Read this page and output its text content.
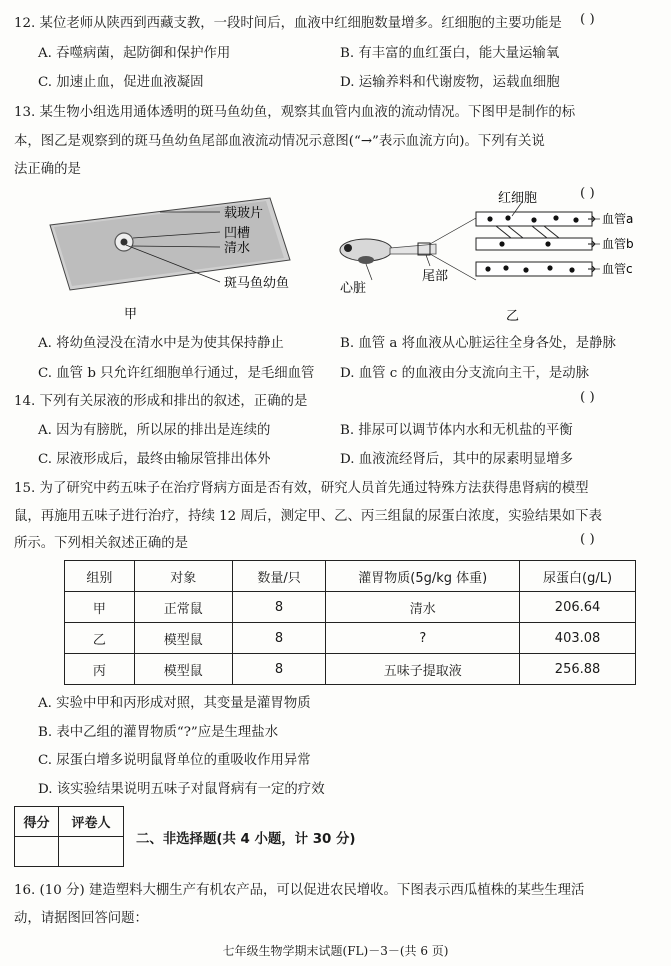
12. 某位老师从陕西到西藏支教，一段时间后，血液中红细胞数量增多。红细胞的主要功能是 ( )
A. 吞噬病菌，起防御和保护作用	B. 有丰富的血红蛋白，能大量运输氧
C. 加速止血，促进血液凝固	D. 运输养料和代谢废物，运载血细胞
13. 某生物小组选用通体透明的斑马鱼幼鱼，观察其血管内血液的流动情况。下图甲是制作的标
本，图乙是观察到的斑马鱼幼鱼尾部血液流动情况示意图(“→”表示血流方向)。下列有关说
法正确的是
( )
载玻片
凹槽
清水
斑马鱼幼鱼
甲
心脏
尾部
红细胞
血管a
血管b
血管c
乙
A. 将幼鱼浸没在清水中是为使其保持静止	B. 血管 a 将血液从心脏运往全身各处，是静脉
C. 血管 b 只允许红细胞单行通过，是毛细血管 D. 血管 c 的血液由分支流向主干，是动脉
14. 下列有关尿液的形成和排出的叙述，正确的是	( )
A. 因为有膀胱，所以尿的排出是连续的	B. 排尿可以调节体内水和无机盐的平衡
C. 尿液形成后，最终由输尿管排出体外	D. 血液流经肾后，其中的尿素明显增多
15. 为了研究中药五味子在治疗肾病方面是否有效，研究人员首先通过特殊方法获得患肾病的模型
鼠，再施用五味子进行治疗，持续 12 周后，测定甲、乙、丙三组鼠的尿蛋白浓度，实验结果如下表
所示。下列相关叙述正确的是	( )
组别	对象	数量/只	灌胃物质(5g/kg 体重)	尿蛋白(g/L)
甲	正常鼠	8	清水	206.64
乙	模型鼠	8	?	403.08
丙	模型鼠	8	五味子提取液	256.88
A. 实验中甲和丙形成对照，其变量是灌胃物质
B. 表中乙组的灌胃物质“?”应是生理盐水
C. 尿蛋白增多说明鼠肾单位的重吸收作用异常
D. 该实验结果说明五味子对鼠肾病有一定的疗效
得分	评卷人

二、非选择题(共 4 小题，计 30 分)
16. (10 分) 建造塑料大棚生产有机农产品，可以促进农民增收。下图表示西瓜植株的某些生理活
动，请据图回答问题：
七年级生物学期末试题(FL)－3－(共 6 页)
